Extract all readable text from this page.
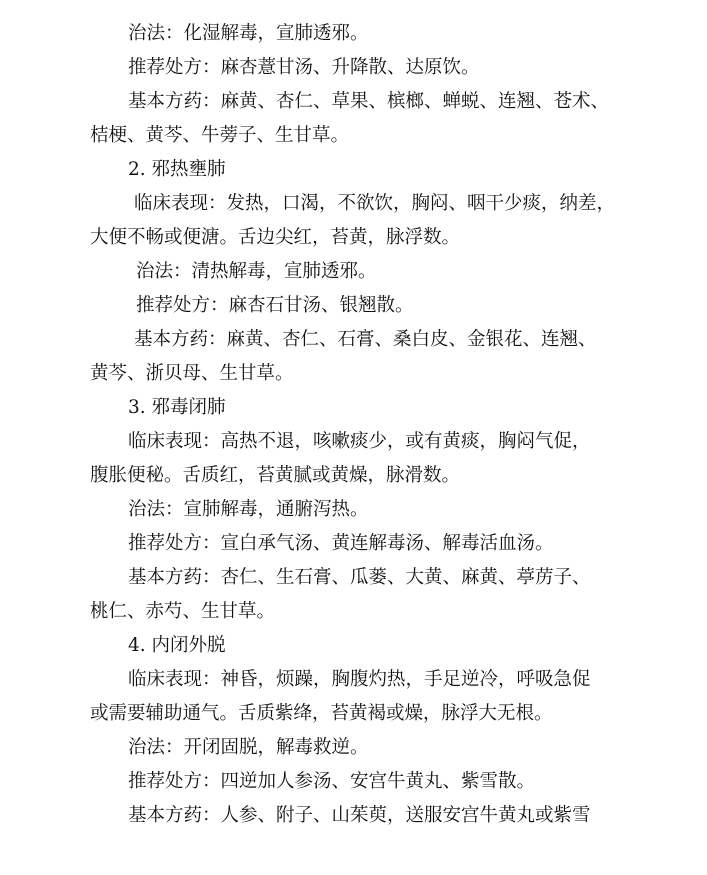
治法：化湿解毒，宣肺透邪。

推荐处方：麻杏薏甘汤、升降散、达原饮。

基本方药：麻黄、杏仁、草果、槟榔、蝉蜕、连翘、苍术、

桔梗、黄芩、牛蒡子、生甘草。

2. 邪热壅肺

临床表现：发热，口渴，不欲饮，胸闷、咽干少痰，纳差，

大便不畅或便溏。舌边尖红，苔黄，脉浮数。

治法：清热解毒，宣肺透邪。

推荐处方：麻杏石甘汤、银翘散。

基本方药：麻黄、杏仁、石膏、桑白皮、金银花、连翘、

黄芩、浙贝母、生甘草。

3. 邪毒闭肺

临床表现：高热不退，咳嗽痰少，或有黄痰，胸闷气促，

腹胀便秘。舌质红，苔黄腻或黄燥，脉滑数。

治法：宣肺解毒，通腑泻热。

推荐处方：宣白承气汤、黄连解毒汤、解毒活血汤。

基本方药：杏仁、生石膏、瓜蒌、大黄、麻黄、葶苈子、

桃仁、赤芍、生甘草。

4. 内闭外脱

临床表现：神昏，烦躁，胸腹灼热，手足逆冷，呼吸急促

或需要辅助通气。舌质紫绛，苔黄褐或燥，脉浮大无根。

治法：开闭固脱，解毒救逆。

推荐处方：四逆加人参汤、安宫牛黄丸、紫雪散。

基本方药：人参、附子、山茱萸，送服安宫牛黄丸或紫雪
